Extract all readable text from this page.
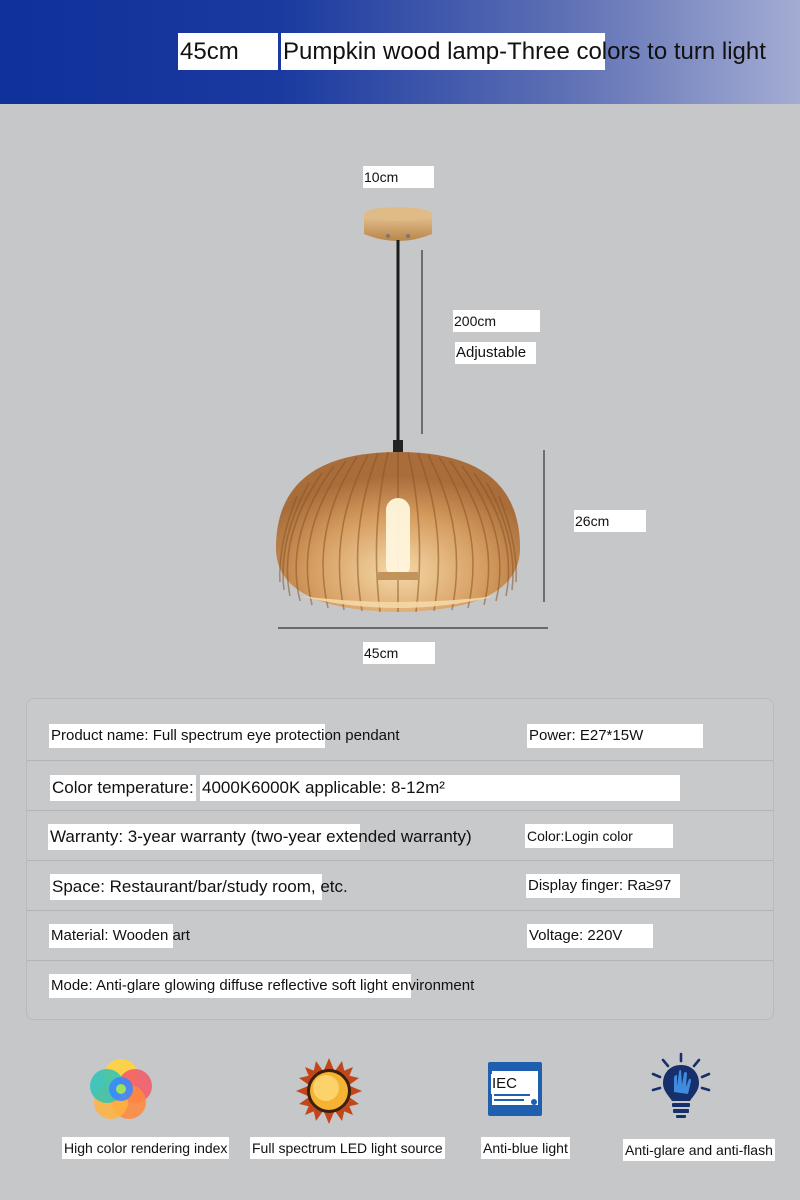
45cm	Pumpkin wood lamp-Three colors to turn light
10cm
200cm
Adjustable
26cm
45cm
Product name: Full spectrum eye protection pendant	Power: E27*15W
Color temperature: 4000K6000K applicable: 8-12m²
Warranty: 3-year warranty (two-year extended warranty)	Color:Login color
Space: Restaurant/bar/study room, etc.	Display finger: Ra≥97
Material: Wooden art	Voltage: 220V
Mode: Anti-glare glowing diffuse reflective soft light environment
High color rendering index Full spectrum LED light source
IEC
Anti-blue light	Anti-glare and anti-flash
